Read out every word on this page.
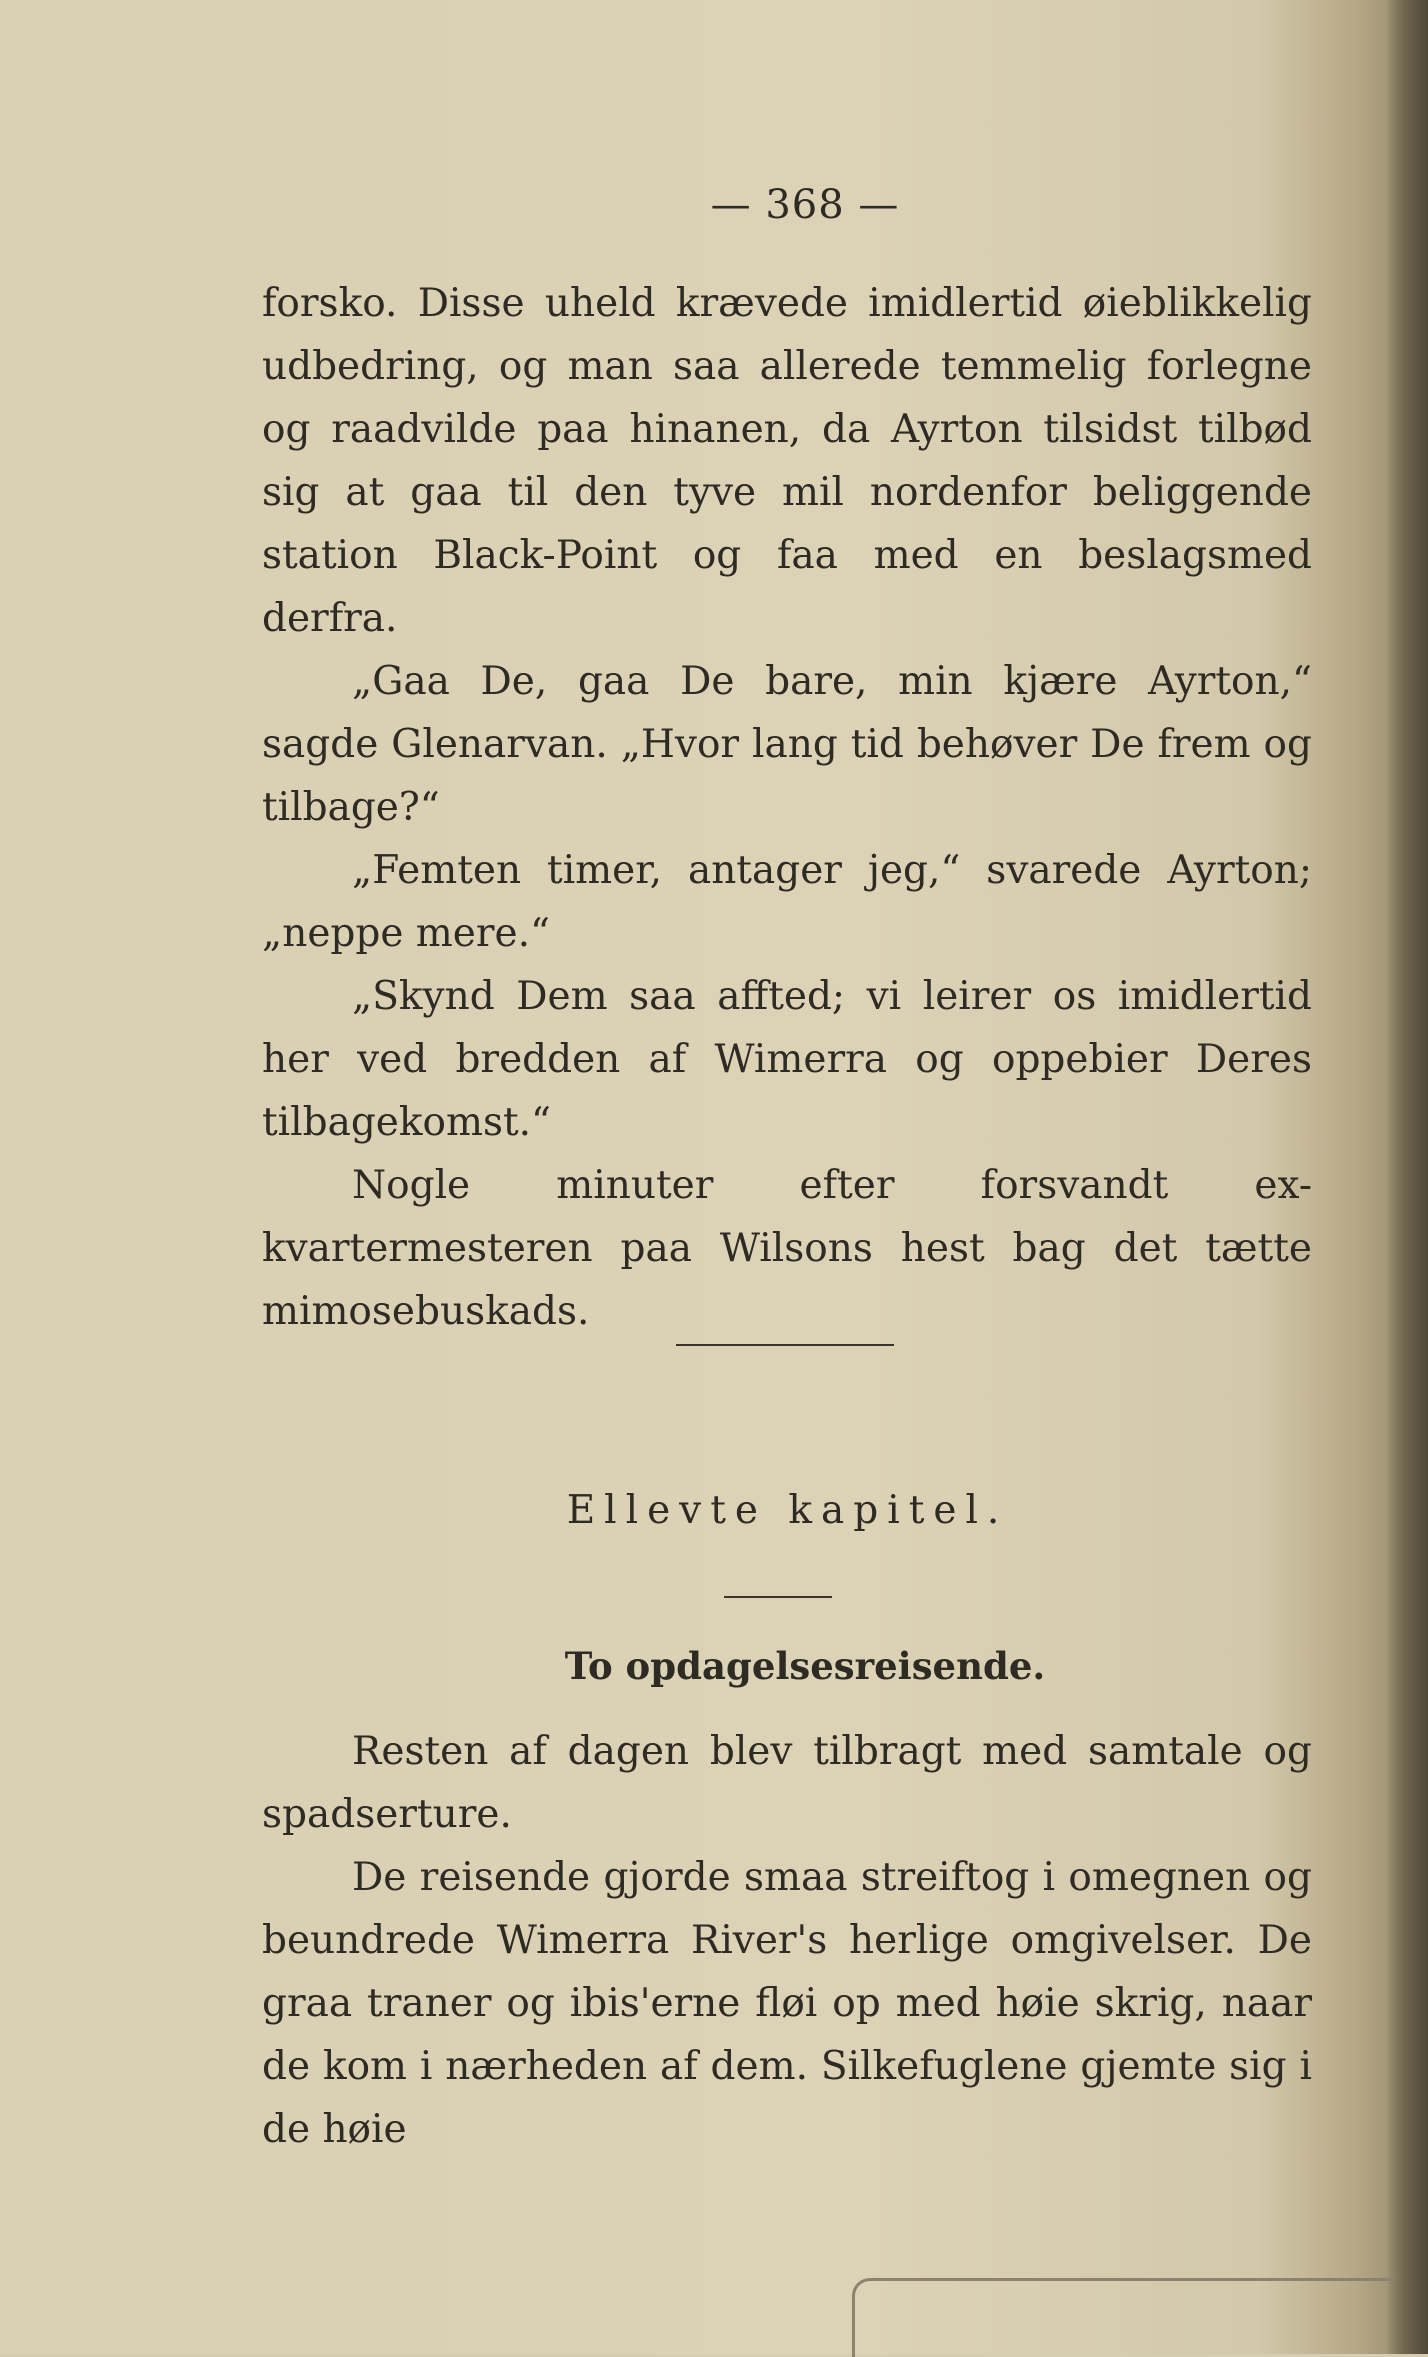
— 368 —

forsko. Disse uheld krævede imidlertid øieblikkelig udbedring, og man saa allerede temmelig forlegne og raadvilde paa hinanen, da Ayrton tilsidst tilbød sig at gaa til den tyve mil nordenfor beliggende station Black-Point og faa med en beslagsmed derfra.

„Gaa De, gaa De bare, min kjære Ayrton,“ sagde Glenarvan. „Hvor lang tid behøver De frem og tilbage?“

„Femten timer, antager jeg,“ svarede Ayrton; „neppe mere.“

„Skynd Dem saa affted; vi leirer os imidlertid her ved bredden af Wimerra og oppebier Deres tilbagekomst.“

Nogle minuter efter forsvandt ex-kvartermesteren paa Wilsons hest bag det tætte mimosebuskads.

Ellevte kapitel.
To opdagelsesreisende.

Resten af dagen blev tilbragt med samtale og spadserture.

De reisende gjorde smaa streiftog i omegnen og beundrede Wimerra River's herlige omgivelser. De graa traner og ibis'erne fløi op med høie skrig, naar de kom i nærheden af dem. Silkefuglene gjemte sig i de høie
